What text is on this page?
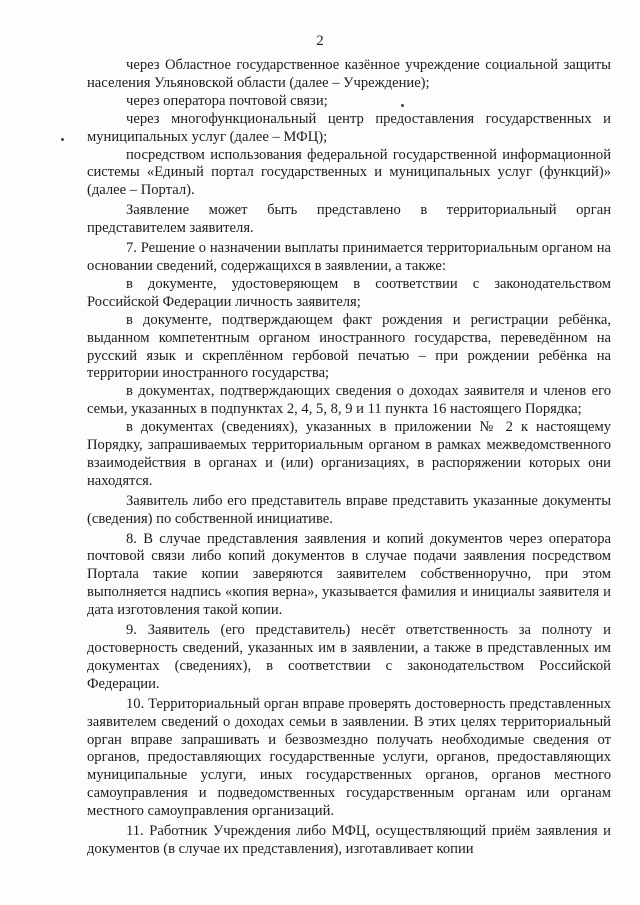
2

через Областное государственное казённое учреждение социальной защиты населения Ульяновской области (далее – Учреждение);

через оператора почтовой связи;

через многофункциональный центр предоставления государственных и муниципальных услуг (далее – МФЦ);

посредством использования федеральной государственной информационной системы «Единый портал государственных и муниципальных услуг (функций)» (далее – Портал).

Заявление может быть представлено в территориальный орган представителем заявителя.

7. Решение о назначении выплаты принимается территориальным органом на основании сведений, содержащихся в заявлении, а также:

в документе, удостоверяющем в соответствии с законодательством Российской Федерации личность заявителя;

в документе, подтверждающем факт рождения и регистрации ребёнка, выданном компетентным органом иностранного государства, переведённом на русский язык и скреплённом гербовой печатью – при рождении ребёнка на территории иностранного государства;

в документах, подтверждающих сведения о доходах заявителя и членов его семьи, указанных в подпунктах 2, 4, 5, 8, 9 и 11 пункта 16 настоящего Порядка;

в документах (сведениях), указанных в приложении № 2 к настоящему Порядку, запрашиваемых территориальным органом в рамках межведомственного взаимодействия в органах и (или) организациях, в распоряжении которых они находятся.

Заявитель либо его представитель вправе представить указанные документы (сведения) по собственной инициативе.

8. В случае представления заявления и копий документов через оператора почтовой связи либо копий документов в случае подачи заявления посредством Портала такие копии заверяются заявителем собственноручно, при этом выполняется надпись «копия верна», указывается фамилия и инициалы заявителя и дата изготовления такой копии.

9. Заявитель (его представитель) несёт ответственность за полноту и достоверность сведений, указанных им в заявлении, а также в представленных им документах (сведениях), в соответствии с законодательством Российской Федерации.

10. Территориальный орган вправе проверять достоверность представленных заявителем сведений о доходах семьи в заявлении. В этих целях территориальный орган вправе запрашивать и безвозмездно получать необходимые сведения от органов, предоставляющих государственные услуги, органов, предоставляющих муниципальные услуги, иных государственных органов, органов местного самоуправления и подведомственных государственным органам или органам местного самоуправления организаций.

11. Работник Учреждения либо МФЦ, осуществляющий приём заявления и документов (в случае их представления), изготавливает копии
